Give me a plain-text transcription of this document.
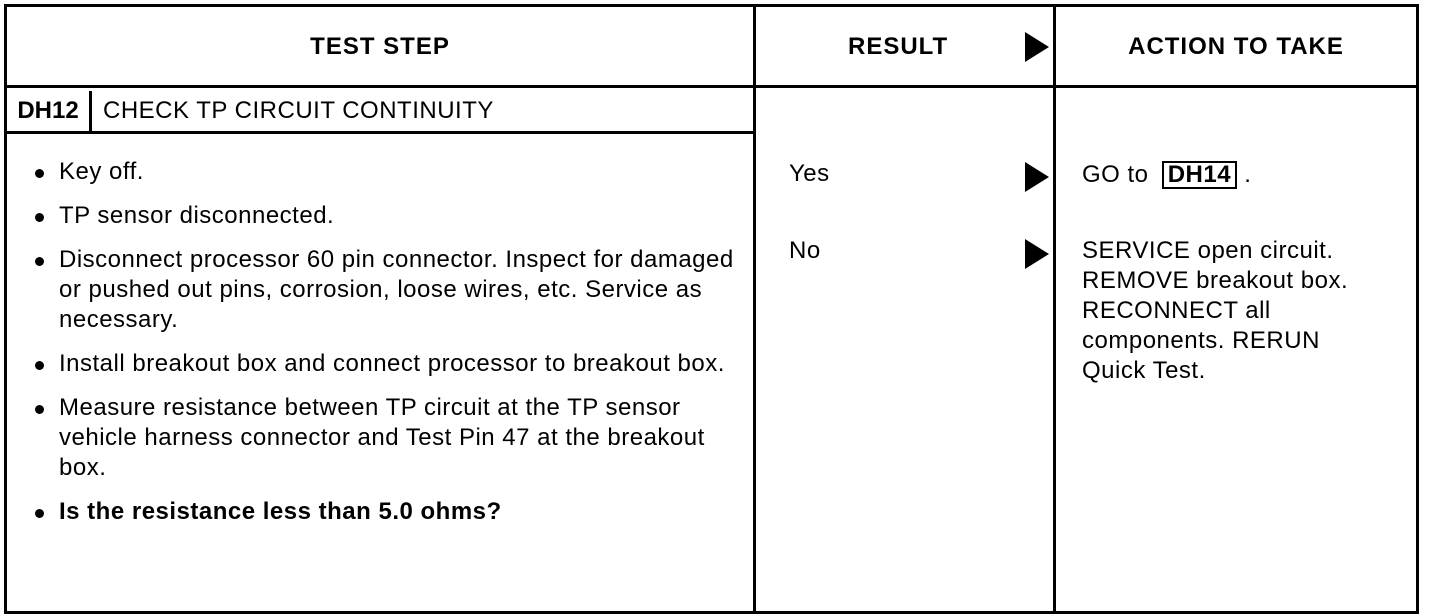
TEST STEP	RESULT	ACTION TO TAKE
DH12	CHECK TP CIRCUIT CONTINUITY
Key off.
TP sensor disconnected.
Disconnect processor 60 pin connector. Inspect for damaged or pushed out pins, corrosion, loose wires, etc. Service as necessary.
Install breakout box and connect processor to breakout box.
Measure resistance between TP circuit at the TP sensor vehicle harness connector and Test Pin 47 at the breakout box.
Is the resistance less than 5.0 ohms?
Yes	GO to DH14 .
No	SERVICE open circuit.
REMOVE breakout box.
RECONNECT all
components. RERUN
Quick Test.
